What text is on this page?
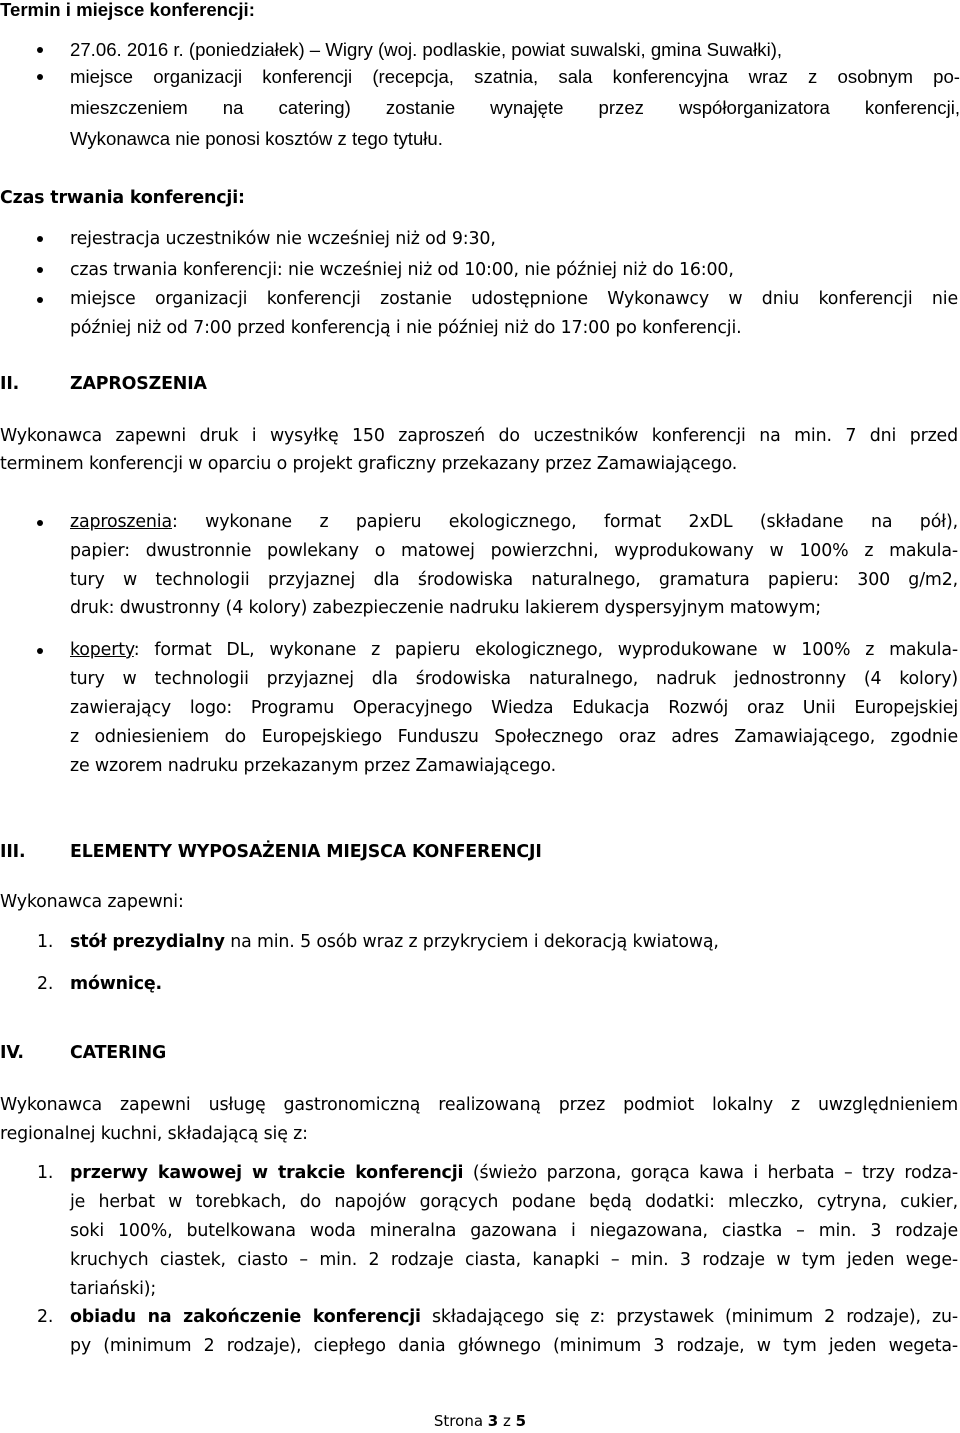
Termin i miejsce konferencji:
27.06. 2016 r. (poniedziałek) – Wigry (woj. podlaskie, powiat suwalski, gmina Suwałki),
miejsce organizacji konferencji (recepcja, szatnia, sala konferencyjna wraz z osobnym po-
mieszczeniem na catering) zostanie wynajęte przez współorganizatora konferencji,
Wykonawca nie ponosi kosztów z tego tytułu.
Czas trwania konferencji:
rejestracja uczestników nie wcześniej niż od 9:30,
czas trwania konferencji: nie wcześniej niż od 10:00, nie później niż do 16:00,
miejsce organizacji konferencji zostanie udostępnione Wykonawcy w dniu konferencji nie
później niż od 7:00 przed konferencją i nie później niż do 17:00 po konferencji.
II.	ZAPROSZENIA
Wykonawca zapewni druk i wysyłkę 150 zaproszeń do uczestników konferencji na min. 7 dni przed
terminem konferencji w oparciu o projekt graficzny przekazany przez Zamawiającego.
zaproszenia: wykonane z papieru ekologicznego, format 2xDL (składane na pół),
papier: dwustronnie powlekany o matowej powierzchni, wyprodukowany w 100% z makula-
tury w technologii przyjaznej dla środowiska naturalnego, gramatura papieru: 300 g/m2,
druk: dwustronny (4 kolory) zabezpieczenie nadruku lakierem dyspersyjnym matowym;
koperty: format DL, wykonane z papieru ekologicznego, wyprodukowane w 100% z makula-
tury w technologii przyjaznej dla środowiska naturalnego, nadruk jednostronny (4 kolory)
zawierający logo: Programu Operacyjnego Wiedza Edukacja Rozwój oraz Unii Europejskiej
z odniesieniem do Europejskiego Funduszu Społecznego oraz adres Zamawiającego, zgodnie
ze wzorem nadruku przekazanym przez Zamawiającego.
III.	ELEMENTY WYPOSAŻENIA MIEJSCA KONFERENCJI
Wykonawca zapewni:
1. stół prezydialny na min. 5 osób wraz z przykryciem i dekoracją kwiatową,
2. mównicę.
IV.	CATERING
Wykonawca zapewni usługę gastronomiczną realizowaną przez podmiot lokalny z uwzględnieniem
regionalnej kuchni, składającą się z:
1. przerwy kawowej w trakcie konferencji (świeżo parzona, gorąca kawa i herbata – trzy rodza-
je herbat w torebkach, do napojów gorących podane będą dodatki: mleczko, cytryna, cukier,
soki 100%, butelkowana woda mineralna gazowana i niegazowana, ciastka – min. 3 rodzaje
kruchych ciastek, ciasto – min. 2 rodzaje ciasta, kanapki – min. 3 rodzaje w tym jeden wege-
tariański);
2. obiadu na zakończenie konferencji składającego się z: przystawek (minimum 2 rodzaje), zu-
py (minimum 2 rodzaje), ciepłego dania głównego (minimum 3 rodzaje, w tym jeden wegeta-
Strona 3 z 5
